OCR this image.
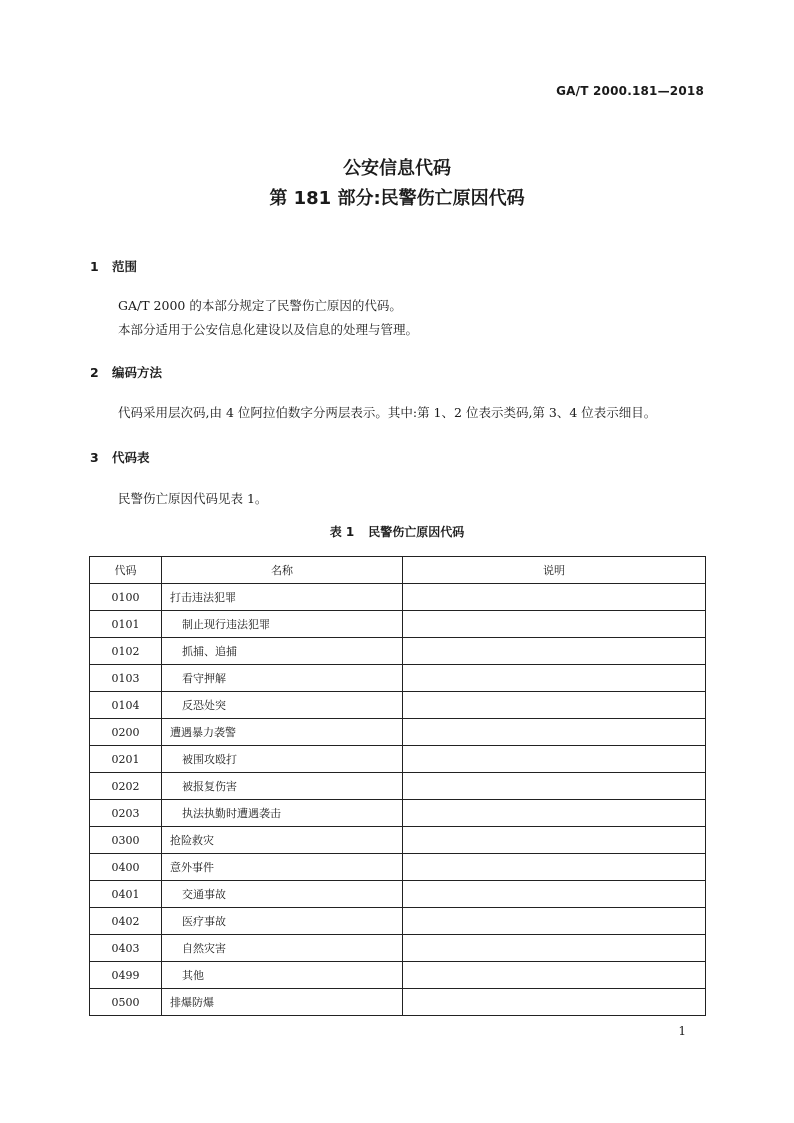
GA/T 2000.181—2018
公安信息代码
第 181 部分:民警伤亡原因代码
1 范围
GA/T 2000 的本部分规定了民警伤亡原因的代码。
本部分适用于公安信息化建设以及信息的处理与管理。
2 编码方法
代码采用层次码,由 4 位阿拉伯数字分两层表示。其中:第 1、2 位表示类码,第 3、4 位表示细目。
3 代码表
民警伤亡原因代码见表 1。
表 1 民警伤亡原因代码
代码	名称	说明
0100	打击违法犯罪	
0101	制止现行违法犯罪	
0102	抓捕、追捕	
0103	看守押解	
0104	反恐处突	
0200	遭遇暴力袭警	
0201	被围攻殴打	
0202	被报复伤害	
0203	执法执勤时遭遇袭击	
0300	抢险救灾	
0400	意外事件	
0401	交通事故	
0402	医疗事故	
0403	自然灾害	
0499	其他	
0500	排爆防爆	
1
